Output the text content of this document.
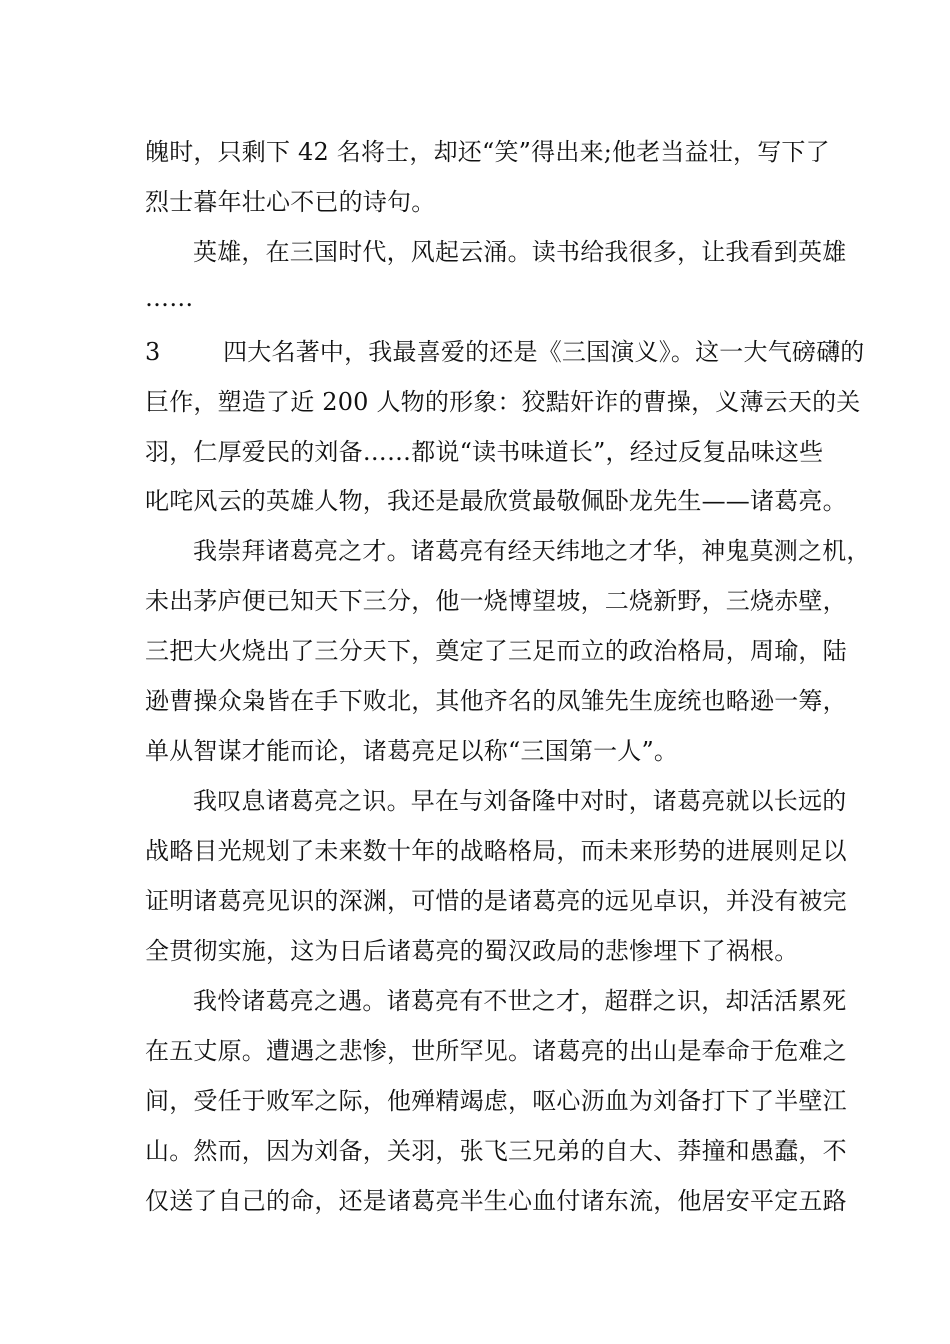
魄时，只剩下 42 名将士，却还“笑”得出来;他老当益壮，写下了
烈士暮年壮心不已的诗句。
英雄，在三国时代，风起云涌。读书给我很多，让我看到英雄
……
3        四大名著中，我最喜爱的还是《三国演义》。这一大气磅礴的
巨作，塑造了近 200 人物的形象：狡黠奸诈的曹操，义薄云天的关
羽，仁厚爱民的刘备……都说“读书味道长”，经过反复品味这些
叱咤风云的英雄人物，我还是最欣赏最敬佩卧龙先生——诸葛亮。
我崇拜诸葛亮之才。诸葛亮有经天纬地之才华，神鬼莫测之机，
未出茅庐便已知天下三分，他一烧博望坡，二烧新野，三烧赤壁，
三把大火烧出了三分天下，奠定了三足而立的政治格局，周瑜，陆
逊曹操众枭皆在手下败北，其他齐名的凤雏先生庞统也略逊一筹，
单从智谋才能而论，诸葛亮足以称“三国第一人”。
我叹息诸葛亮之识。早在与刘备隆中对时，诸葛亮就以长远的
战略目光规划了未来数十年的战略格局，而未来形势的进展则足以
证明诸葛亮见识的深渊，可惜的是诸葛亮的远见卓识，并没有被完
全贯彻实施，这为日后诸葛亮的蜀汉政局的悲惨埋下了祸根。
我怜诸葛亮之遇。诸葛亮有不世之才，超群之识，却活活累死
在五丈原。遭遇之悲惨，世所罕见。诸葛亮的出山是奉命于危难之
间，受任于败军之际，他殚精竭虑，呕心沥血为刘备打下了半壁江
山。然而，因为刘备，关羽，张飞三兄弟的自大、莽撞和愚蠢，不
仅送了自己的命，还是诸葛亮半生心血付诸东流，他居安平定五路
